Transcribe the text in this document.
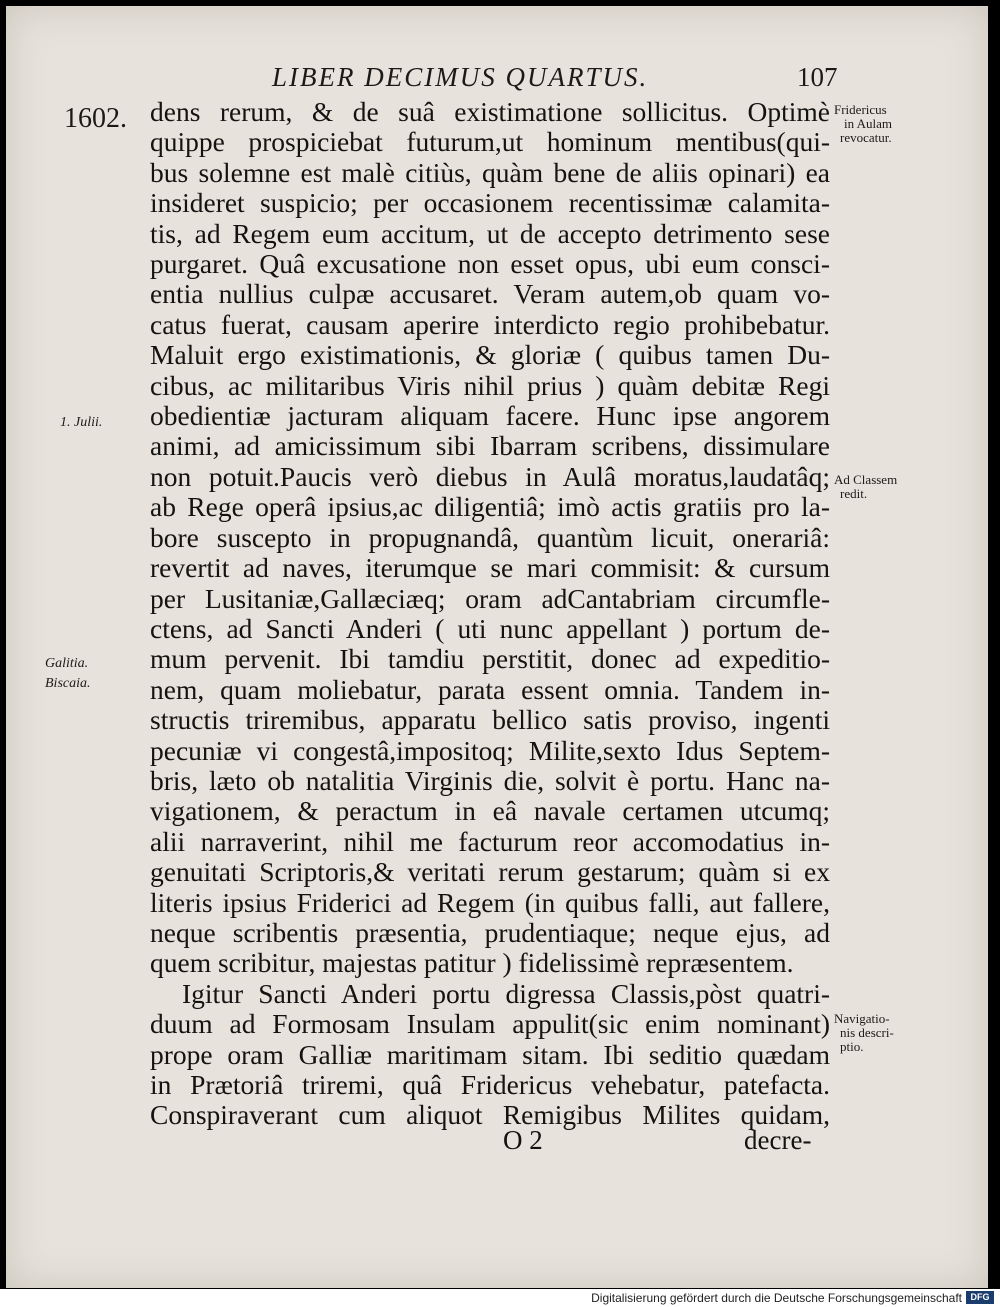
LIBER DECIMUS QUARTUS.	107
1602. dens rerum, & de suâ existimatione sollicitus. Optimè
quippe prospiciebat futurum,ut hominum mentibus(qui-
bus solemne est malè citiùs, quàm bene de aliis opinari) ea
insideret suspicio; per occasionem recentissimæ calamita-
tis, ad Regem eum accitum, ut de accepto detrimento sese
purgaret. Quâ excusatione non esset opus, ubi eum consci-
entia nullius culpæ accusaret. Veram autem,ob quam vo-
catus fuerat, causam aperire interdicto regio prohibebatur.
Maluit ergo existimationis, & gloriæ ( quibus tamen Du-
cibus, ac militaribus Viris nihil prius ) quàm debitæ Regi
obedientiæ jacturam aliquam facere. Hunc ipse angorem
animi, ad amicissimum sibi Ibarram scribens, dissimulare
non potuit.Paucis verò diebus in Aulâ moratus,laudatâq;
ab Rege operâ ipsius,ac diligentiâ; imò actis gratiis pro la-
bore suscepto in propugnandâ, quantùm licuit, onerariâ:
revertit ad naves, iterumque se mari commisit: & cursum
per Lusitaniæ,Gallæciæq; oram adCantabriam circumfle-
ctens, ad Sancti Anderi ( uti nunc appellant ) portum de-
mum pervenit. Ibi tamdiu perstitit, donec ad expeditio-
nem, quam moliebatur, parata essent omnia. Tandem in-
structis triremibus, apparatu bellico satis proviso, ingenti
pecuniæ vi congestâ,impositoq; Milite,sexto Idus Septem-
bris, læto ob natalitia Virginis die, solvit è portu. Hanc na-
vigationem, & peractum in eâ navale certamen utcumq;
alii narraverint, nihil me facturum reor accomodatius in-
genuitati Scriptoris,& veritati rerum gestarum; quàm si ex
literis ipsius Friderici ad Regem (in quibus falli, aut fallere,
neque scribentis præsentia, prudentiaque; neque ejus, ad
quem scribitur, majestas patitur ) fidelissimè repræsentem.
Igitur Sancti Anderi portu digressa Classis,pòst quatri-
duum ad Formosam Insulam appulit(sic enim nominant)
prope oram Galliæ maritimam sitam. Ibi seditio quædam
in Prætoriâ triremi, quâ Fridericus vehebatur, patefacta.
Conspiraverant cum aliquot Remigibus Milites quidam,
Fridericus
in Aulam
revocatur.
Ad Classem
redit.
Navigatio-
nis descri-
ptio.
1. Julii.
Galitia.
Biscaia.
O 2	decre-
Digitalisierung gefördert durch die Deutsche Forschungsgemeinschaft DFG
